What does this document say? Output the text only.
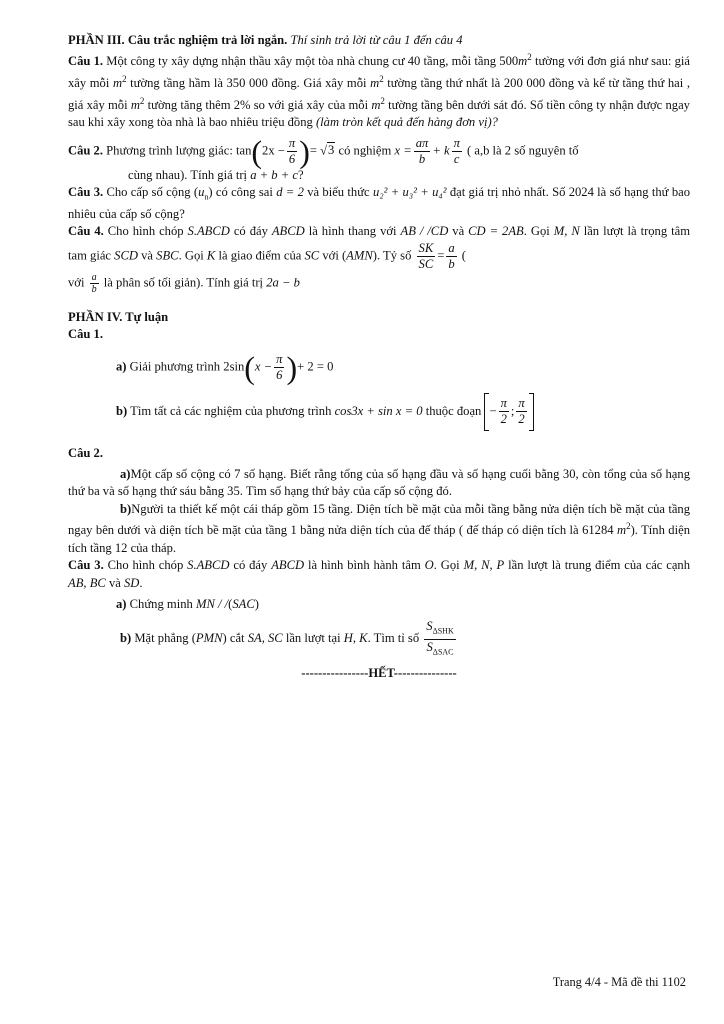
PHẦN III. Câu trắc nghiệm trả lời ngắn. Thí sinh trả lời từ câu 1 đến câu 4

Câu 1. Một công ty xây dựng nhận thầu xây một tòa nhà chung cư 40 tầng, mỗi tầng $500m^2$ tường với đơn giá như sau: giá xây mỗi $m^2$ tường tầng hầm là 350 000 đồng. Giá xây mỗi $m^2$ tường tầng thứ nhất là 200 000 đồng và kể từ tầng thứ hai , giá xây mỗi $m^2$ tường tăng thêm 2% so với giá xây của mỗi $m^2$ tường tầng bên dưới sát đó. Số tiền công ty nhận được ngay sau khi xây xong tòa nhà là bao nhiêu triệu đồng (làm tròn kết quả đến hàng đơn vị)?

Câu 2. Phương trình lượng giác: $\tan(2x - \frac{\pi}{6}$ )= √3 có nghiệm $x = \frac{a\pi}{b} + k \frac{\pi}{c}$ ( a,b là 2 số nguyên tố

cùng nhau). Tính giá trị a + b + c?

Câu 3. Cho cấp số cộng $(u_n)$ có công sai d = 2 và biểu thức u₂² + u₃² + u₄² đạt giá trị nhỏ nhất. Số 2024 là số hạng thứ bao nhiêu của cấp số cộng?

Câu 4. Cho hình chóp S.ABCD có đáy ABCD là hình thang với AB / /CD và CD = 2AB. Gọi M, N lần lượt là trọng tâm tam giác SCD và SBC. Gọi K là giao điểm của SC với (AMN). Tỷ số $\frac{SK}{SC} = \frac{a}{b}$ (

với $\frac{a}{b}$ là phân số tối giản). Tính giá trị 2a − b

PHẦN IV. Tự luận

Câu 1.

a) Giải phương trình $2\sin(x - \frac{\pi}{6}$ )+ 2 = 0

b) Tìm tất cả các nghiệm của phương trình cos3x + sin x = 0 thuộc đoạn − $\frac{\pi}{2}$ ; $\frac{\pi}{2}$

Câu 2.

a)Một cấp số cộng có 7 số hạng. Biết rằng tổng của số hạng đầu và số hạng cuối bằng 30, còn tổng của số hạng thứ ba và số hạng thứ sáu bằng 35. Tìm số hạng thứ bảy của cấp số cộng đó.

b)Người ta thiết kế một cái tháp gồm 15 tầng. Diện tích bề mặt của mỗi tầng bằng nửa diện tích bề mặt của tầng ngay bên dưới và diện tích bề mặt của tầng 1 bằng nửa diện tích của đế tháp ( đế tháp có diện tích là 61284 $m^2$). Tính diện tích tầng 12 của tháp.

Câu 3. Cho hình chóp S.ABCD có đáy ABCD là hình bình hành tâm O. Gọi M, N, P lần lượt là trung điểm của các cạnh AB, BC và SD.

a) Chứng minh MN / /(SAC)

b) Mặt phẳng (PMN) cắt SA, SC lần lượt tại H, K. Tìm tỉ số $\frac{S_{\Delta SHK}}{S_{\Delta SAC}}$

----------------HẾT---------------

Trang 4/4 - Mã đề thi 1102
